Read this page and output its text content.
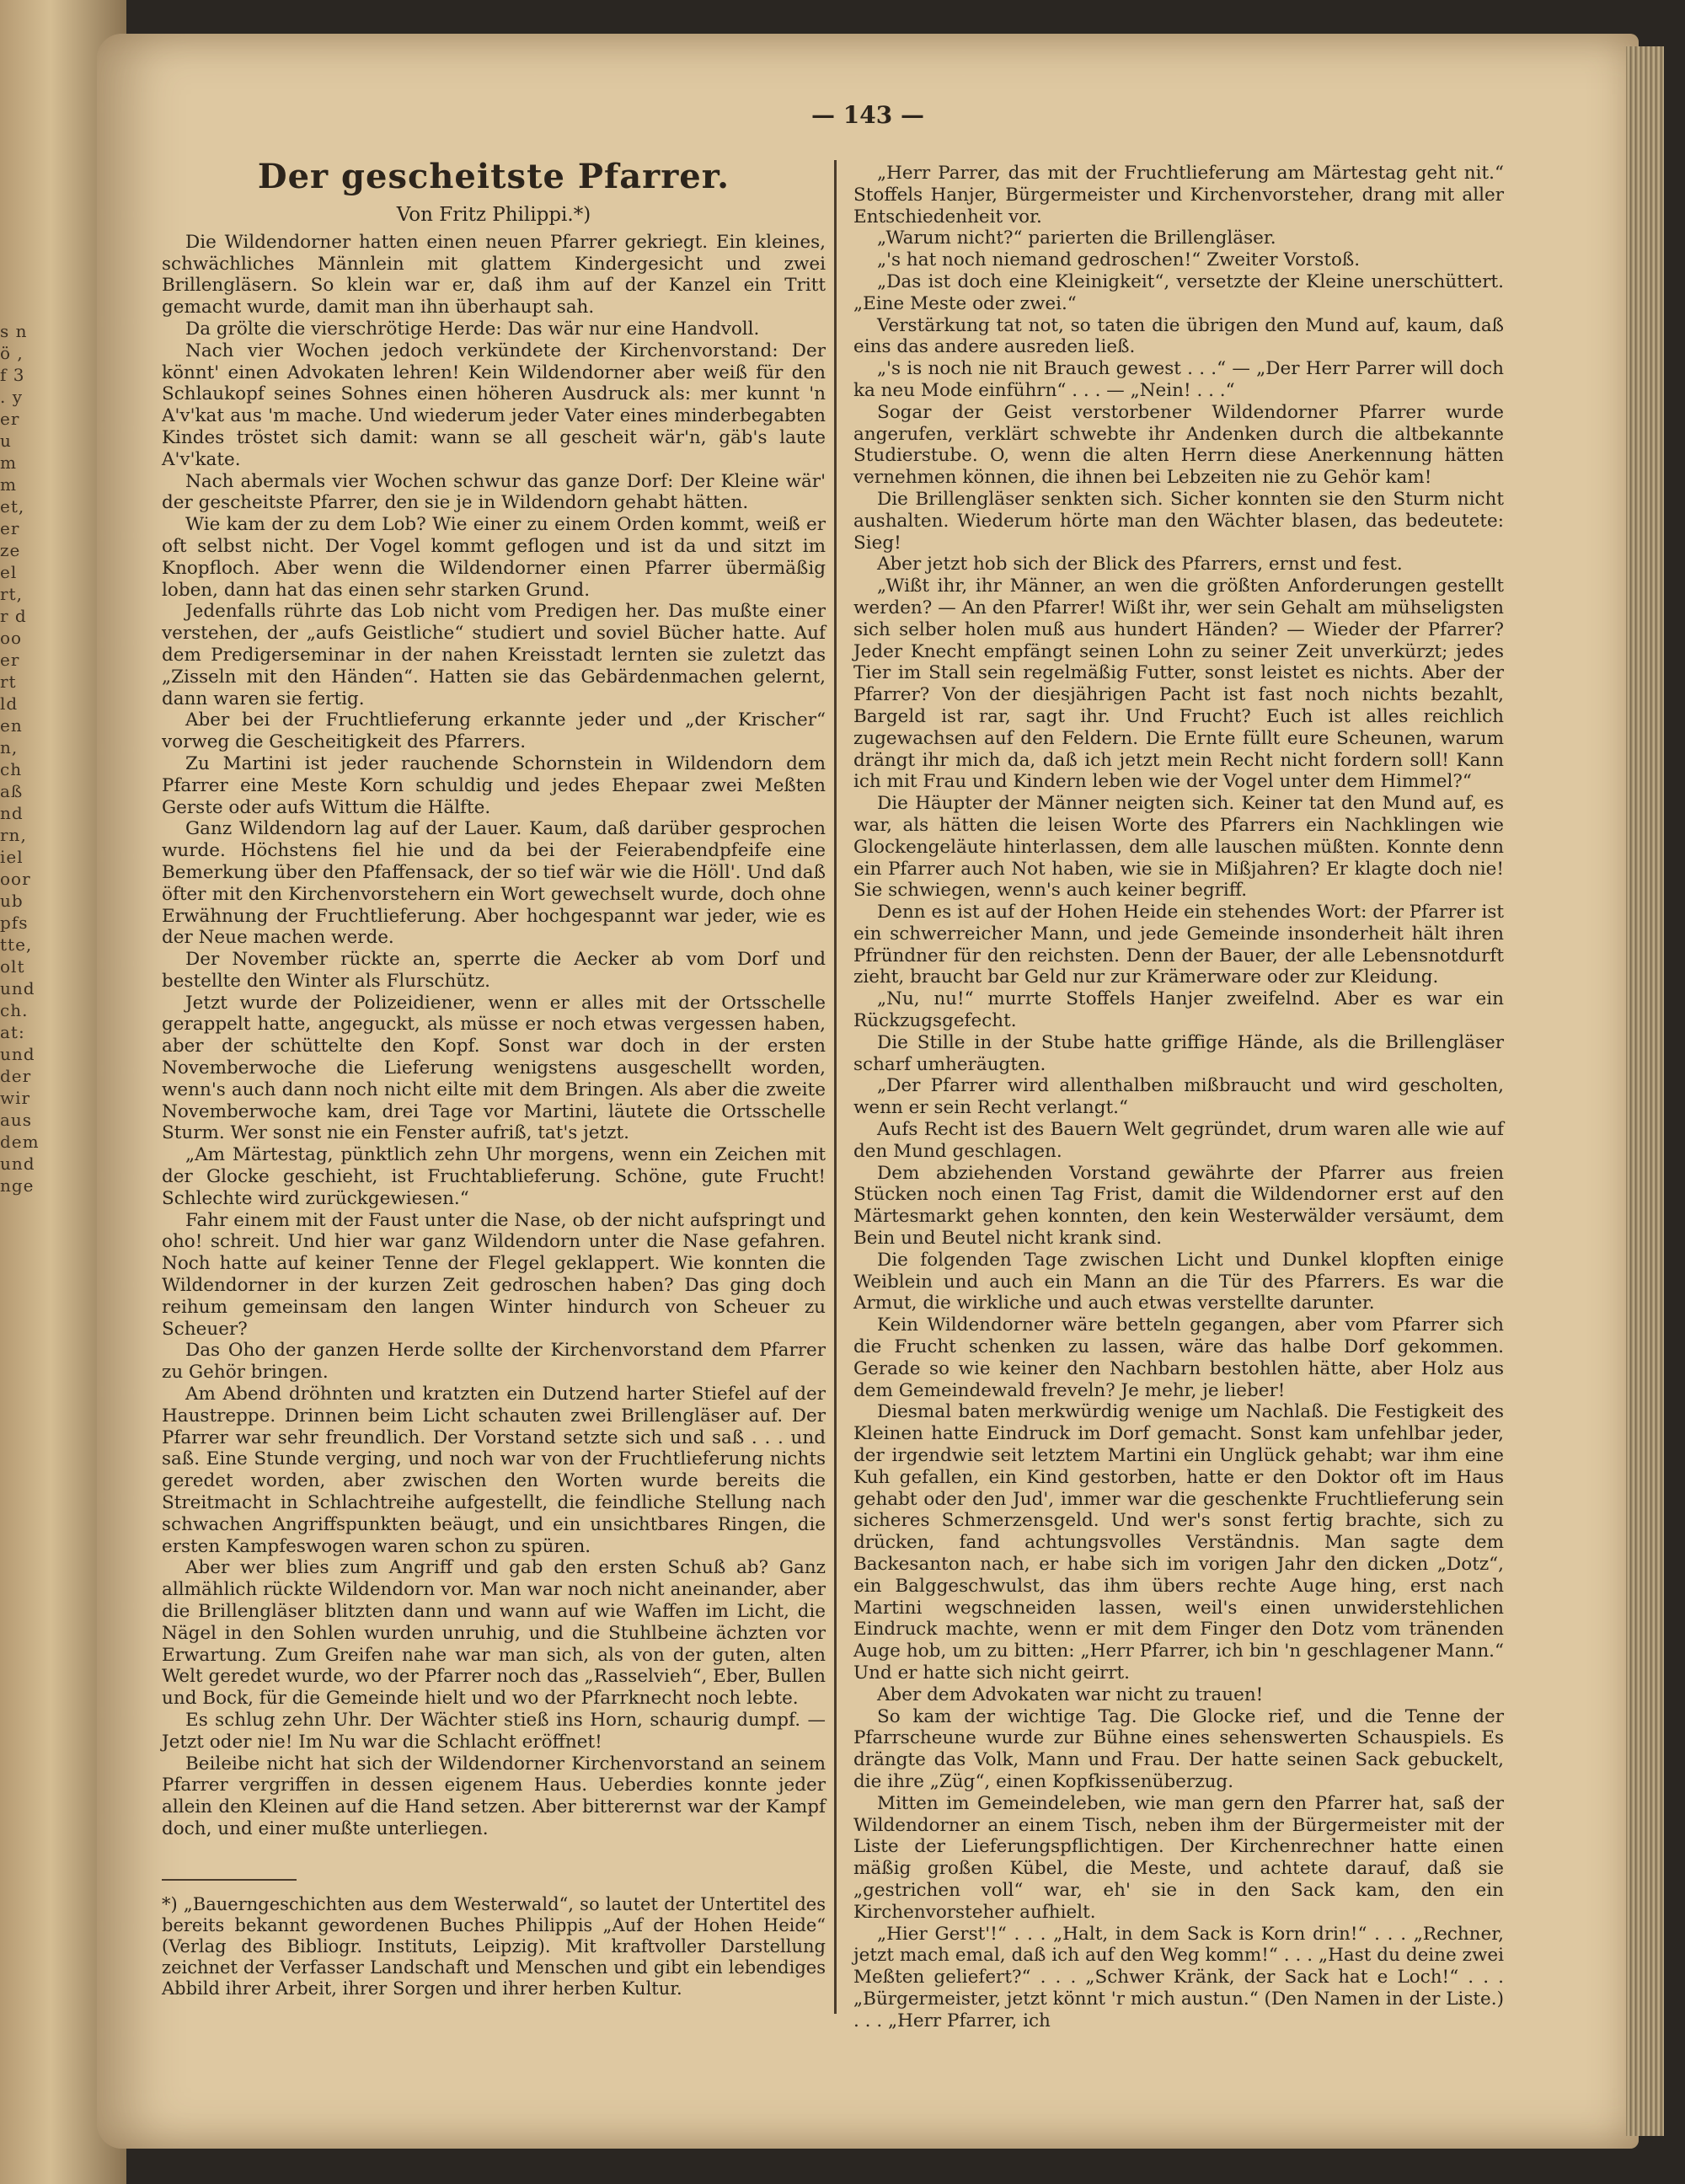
s n ö , f 3 . y er u m m et, er ze el rt, r d oo er rt ld en n, ch aß nd rn, iel oor ub pfs tte, olt und ch. at: und der wir aus dem und nge
— 143 —
Der gescheitste Pfarrer.
Von Fritz Philippi.*)

Die Wildendorner hatten einen neuen Pfarrer gekriegt. Ein kleines, schwächliches Männlein mit glattem Kindergesicht und zwei Brillengläsern. So klein war er, daß ihm auf der Kanzel ein Tritt gemacht wurde, damit man ihn überhaupt sah.

Da grölte die vierschrötige Herde: Das wär nur eine Handvoll.

Nach vier Wochen jedoch verkündete der Kirchenvorstand: Der könnt' einen Advokaten lehren! Kein Wildendorner aber weiß für den Schlaukopf seines Sohnes einen höheren Ausdruck als: mer kunnt 'n A'v'kat aus 'm mache. Und wiederum jeder Vater eines minderbegabten Kindes tröstet sich damit: wann se all gescheit wär'n, gäb's laute A'v'kate.

Nach abermals vier Wochen schwur das ganze Dorf: Der Kleine wär' der gescheitste Pfarrer, den sie je in Wildendorn gehabt hätten.

Wie kam der zu dem Lob? Wie einer zu einem Orden kommt, weiß er oft selbst nicht. Der Vogel kommt geflogen und ist da und sitzt im Knopfloch. Aber wenn die Wildendorner einen Pfarrer übermäßig loben, dann hat das einen sehr starken Grund.

Jedenfalls rührte das Lob nicht vom Predigen her. Das mußte einer verstehen, der „aufs Geistliche“ studiert und soviel Bücher hatte. Auf dem Predigerseminar in der nahen Kreisstadt lernten sie zuletzt das „Zisseln mit den Händen“. Hatten sie das Gebärdenmachen gelernt, dann waren sie fertig.

Aber bei der Fruchtlieferung erkannte jeder und „der Krischer“ vorweg die Gescheitigkeit des Pfarrers.

Zu Martini ist jeder rauchende Schornstein in Wildendorn dem Pfarrer eine Meste Korn schuldig und jedes Ehepaar zwei Meßten Gerste oder aufs Wittum die Hälfte.

Ganz Wildendorn lag auf der Lauer. Kaum, daß darüber gesprochen wurde. Höchstens fiel hie und da bei der Feierabendpfeife eine Bemerkung über den Pfaffensack, der so tief wär wie die Höll'. Und daß öfter mit den Kirchenvorstehern ein Wort gewechselt wurde, doch ohne Erwähnung der Fruchtlieferung. Aber hochgespannt war jeder, wie es der Neue machen werde.

Der November rückte an, sperrte die Aecker ab vom Dorf und bestellte den Winter als Flurschütz.

Jetzt wurde der Polizeidiener, wenn er alles mit der Ortsschelle gerappelt hatte, angeguckt, als müsse er noch etwas vergessen haben, aber der schüttelte den Kopf. Sonst war doch in der ersten Novemberwoche die Lieferung wenigstens ausgeschellt worden, wenn's auch dann noch nicht eilte mit dem Bringen. Als aber die zweite Novemberwoche kam, drei Tage vor Martini, läutete die Ortsschelle Sturm. Wer sonst nie ein Fenster aufriß, tat's jetzt.

„Am Märtestag, pünktlich zehn Uhr morgens, wenn ein Zeichen mit der Glocke geschieht, ist Fruchtablieferung. Schöne, gute Frucht! Schlechte wird zurückgewiesen.“

Fahr einem mit der Faust unter die Nase, ob der nicht aufspringt und oho! schreit. Und hier war ganz Wildendorn unter die Nase gefahren. Noch hatte auf keiner Tenne der Flegel geklappert. Wie konnten die Wildendorner in der kurzen Zeit gedroschen haben? Das ging doch reihum gemeinsam den langen Winter hindurch von Scheuer zu Scheuer?

Das Oho der ganzen Herde sollte der Kirchenvorstand dem Pfarrer zu Gehör bringen.

Am Abend dröhnten und kratzten ein Dutzend harter Stiefel auf der Haustreppe. Drinnen beim Licht schauten zwei Brillengläser auf. Der Pfarrer war sehr freundlich. Der Vorstand setzte sich und saß . . . und saß. Eine Stunde verging, und noch war von der Fruchtlieferung nichts geredet worden, aber zwischen den Worten wurde bereits die Streitmacht in Schlachtreihe aufgestellt, die feindliche Stellung nach schwachen Angriffspunkten beäugt, und ein unsichtbares Ringen, die ersten Kampfeswogen waren schon zu spüren.

Aber wer blies zum Angriff und gab den ersten Schuß ab? Ganz allmählich rückte Wildendorn vor. Man war noch nicht aneinander, aber die Brillengläser blitzten dann und wann auf wie Waffen im Licht, die Nägel in den Sohlen wurden unruhig, und die Stuhlbeine ächzten vor Erwartung. Zum Greifen nahe war man sich, als von der guten, alten Welt geredet wurde, wo der Pfarrer noch das „Rasselvieh“, Eber, Bullen und Bock, für die Gemeinde hielt und wo der Pfarrknecht noch lebte.

Es schlug zehn Uhr. Der Wächter stieß ins Horn, schaurig dumpf. — Jetzt oder nie! Im Nu war die Schlacht eröffnet!

Beileibe nicht hat sich der Wildendorner Kirchenvorstand an seinem Pfarrer vergriffen in dessen eigenem Haus. Ueberdies konnte jeder allein den Kleinen auf die Hand setzen. Aber bitterernst war der Kampf doch, und einer mußte unterliegen.

*) „Bauerngeschichten aus dem Westerwald“, so lautet der Untertitel des bereits bekannt gewordenen Buches Philippis „Auf der Hohen Heide“ (Verlag des Bibliogr. Instituts, Leipzig). Mit kraftvoller Darstellung zeichnet der Verfasser Landschaft und Menschen und gibt ein lebendiges Abbild ihrer Arbeit, ihrer Sorgen und ihrer herben Kultur.

„Herr Parrer, das mit der Fruchtlieferung am Märtestag geht nit.“ Stoffels Hanjer, Bürgermeister und Kirchenvorsteher, drang mit aller Entschiedenheit vor.

„Warum nicht?“ parierten die Brillengläser.

„'s hat noch niemand gedroschen!“ Zweiter Vorstoß.

„Das ist doch eine Kleinigkeit“, versetzte der Kleine unerschüttert. „Eine Meste oder zwei.“

Verstärkung tat not, so taten die übrigen den Mund auf, kaum, daß eins das andere ausreden ließ.

„'s is noch nie nit Brauch gewest . . .“ — „Der Herr Parrer will doch ka neu Mode einführn“ . . . — „Nein! . . .“

Sogar der Geist verstorbener Wildendorner Pfarrer wurde angerufen, verklärt schwebte ihr Andenken durch die altbekannte Studierstube. O, wenn die alten Herrn diese Anerkennung hätten vernehmen können, die ihnen bei Lebzeiten nie zu Gehör kam!

Die Brillengläser senkten sich. Sicher konnten sie den Sturm nicht aushalten. Wiederum hörte man den Wächter blasen, das bedeutete: Sieg!

Aber jetzt hob sich der Blick des Pfarrers, ernst und fest.

„Wißt ihr, ihr Männer, an wen die größten Anforderungen gestellt werden? — An den Pfarrer! Wißt ihr, wer sein Gehalt am mühseligsten sich selber holen muß aus hundert Händen? — Wieder der Pfarrer? Jeder Knecht empfängt seinen Lohn zu seiner Zeit unverkürzt; jedes Tier im Stall sein regelmäßig Futter, sonst leistet es nichts. Aber der Pfarrer? Von der diesjährigen Pacht ist fast noch nichts bezahlt, Bargeld ist rar, sagt ihr. Und Frucht? Euch ist alles reichlich zugewachsen auf den Feldern. Die Ernte füllt eure Scheunen, warum drängt ihr mich da, daß ich jetzt mein Recht nicht fordern soll! Kann ich mit Frau und Kindern leben wie der Vogel unter dem Himmel?“

Die Häupter der Männer neigten sich. Keiner tat den Mund auf, es war, als hätten die leisen Worte des Pfarrers ein Nachklingen wie Glockengeläute hinterlassen, dem alle lauschen müßten. Konnte denn ein Pfarrer auch Not haben, wie sie in Mißjahren? Er klagte doch nie! Sie schwiegen, wenn's auch keiner begriff.

Denn es ist auf der Hohen Heide ein stehendes Wort: der Pfarrer ist ein schwerreicher Mann, und jede Gemeinde insonderheit hält ihren Pfründner für den reichsten. Denn der Bauer, der alle Lebensnotdurft zieht, braucht bar Geld nur zur Krämerware oder zur Kleidung.

„Nu, nu!“ murrte Stoffels Hanjer zweifelnd. Aber es war ein Rückzugsgefecht.

Die Stille in der Stube hatte griffige Hände, als die Brillengläser scharf umheräugten.

„Der Pfarrer wird allenthalben mißbraucht und wird gescholten, wenn er sein Recht verlangt.“

Aufs Recht ist des Bauern Welt gegründet, drum waren alle wie auf den Mund geschlagen.

Dem abziehenden Vorstand gewährte der Pfarrer aus freien Stücken noch einen Tag Frist, damit die Wildendorner erst auf den Märtesmarkt gehen konnten, den kein Westerwälder versäumt, dem Bein und Beutel nicht krank sind.

Die folgenden Tage zwischen Licht und Dunkel klopften einige Weiblein und auch ein Mann an die Tür des Pfarrers. Es war die Armut, die wirkliche und auch etwas verstellte darunter.

Kein Wildendorner wäre betteln gegangen, aber vom Pfarrer sich die Frucht schenken zu lassen, wäre das halbe Dorf gekommen. Gerade so wie keiner den Nachbarn bestohlen hätte, aber Holz aus dem Gemeindewald freveln? Je mehr, je lieber!

Diesmal baten merkwürdig wenige um Nachlaß. Die Festigkeit des Kleinen hatte Eindruck im Dorf gemacht. Sonst kam unfehlbar jeder, der irgendwie seit letztem Martini ein Unglück gehabt; war ihm eine Kuh gefallen, ein Kind gestorben, hatte er den Doktor oft im Haus gehabt oder den Jud', immer war die geschenkte Fruchtlieferung sein sicheres Schmerzensgeld. Und wer's sonst fertig brachte, sich zu drücken, fand achtungsvolles Verständnis. Man sagte dem Backesanton nach, er habe sich im vorigen Jahr den dicken „Dotz“, ein Balggeschwulst, das ihm übers rechte Auge hing, erst nach Martini wegschneiden lassen, weil's einen unwiderstehlichen Eindruck machte, wenn er mit dem Finger den Dotz vom tränenden Auge hob, um zu bitten: „Herr Pfarrer, ich bin 'n geschlagener Mann.“ Und er hatte sich nicht geirrt.

Aber dem Advokaten war nicht zu trauen!

So kam der wichtige Tag. Die Glocke rief, und die Tenne der Pfarrscheune wurde zur Bühne eines sehenswerten Schauspiels. Es drängte das Volk, Mann und Frau. Der hatte seinen Sack gebuckelt, die ihre „Züg“, einen Kopfkissenüberzug.

Mitten im Gemeindeleben, wie man gern den Pfarrer hat, saß der Wildendorner an einem Tisch, neben ihm der Bürgermeister mit der Liste der Lieferungspflichtigen. Der Kirchenrechner hatte einen mäßig großen Kübel, die Meste, und achtete darauf, daß sie „gestrichen voll“ war, eh' sie in den Sack kam, den ein Kirchenvorsteher aufhielt.

„Hier Gerst'!“ . . . „Halt, in dem Sack is Korn drin!“ . . . „Rechner, jetzt mach emal, daß ich auf den Weg komm!“ . . . „Hast du deine zwei Meßten geliefert?“ . . . „Schwer Kränk, der Sack hat e Loch!“ . . . „Bürgermeister, jetzt könnt 'r mich austun.“ (Den Namen in der Liste.) . . . „Herr Pfarrer, ich
